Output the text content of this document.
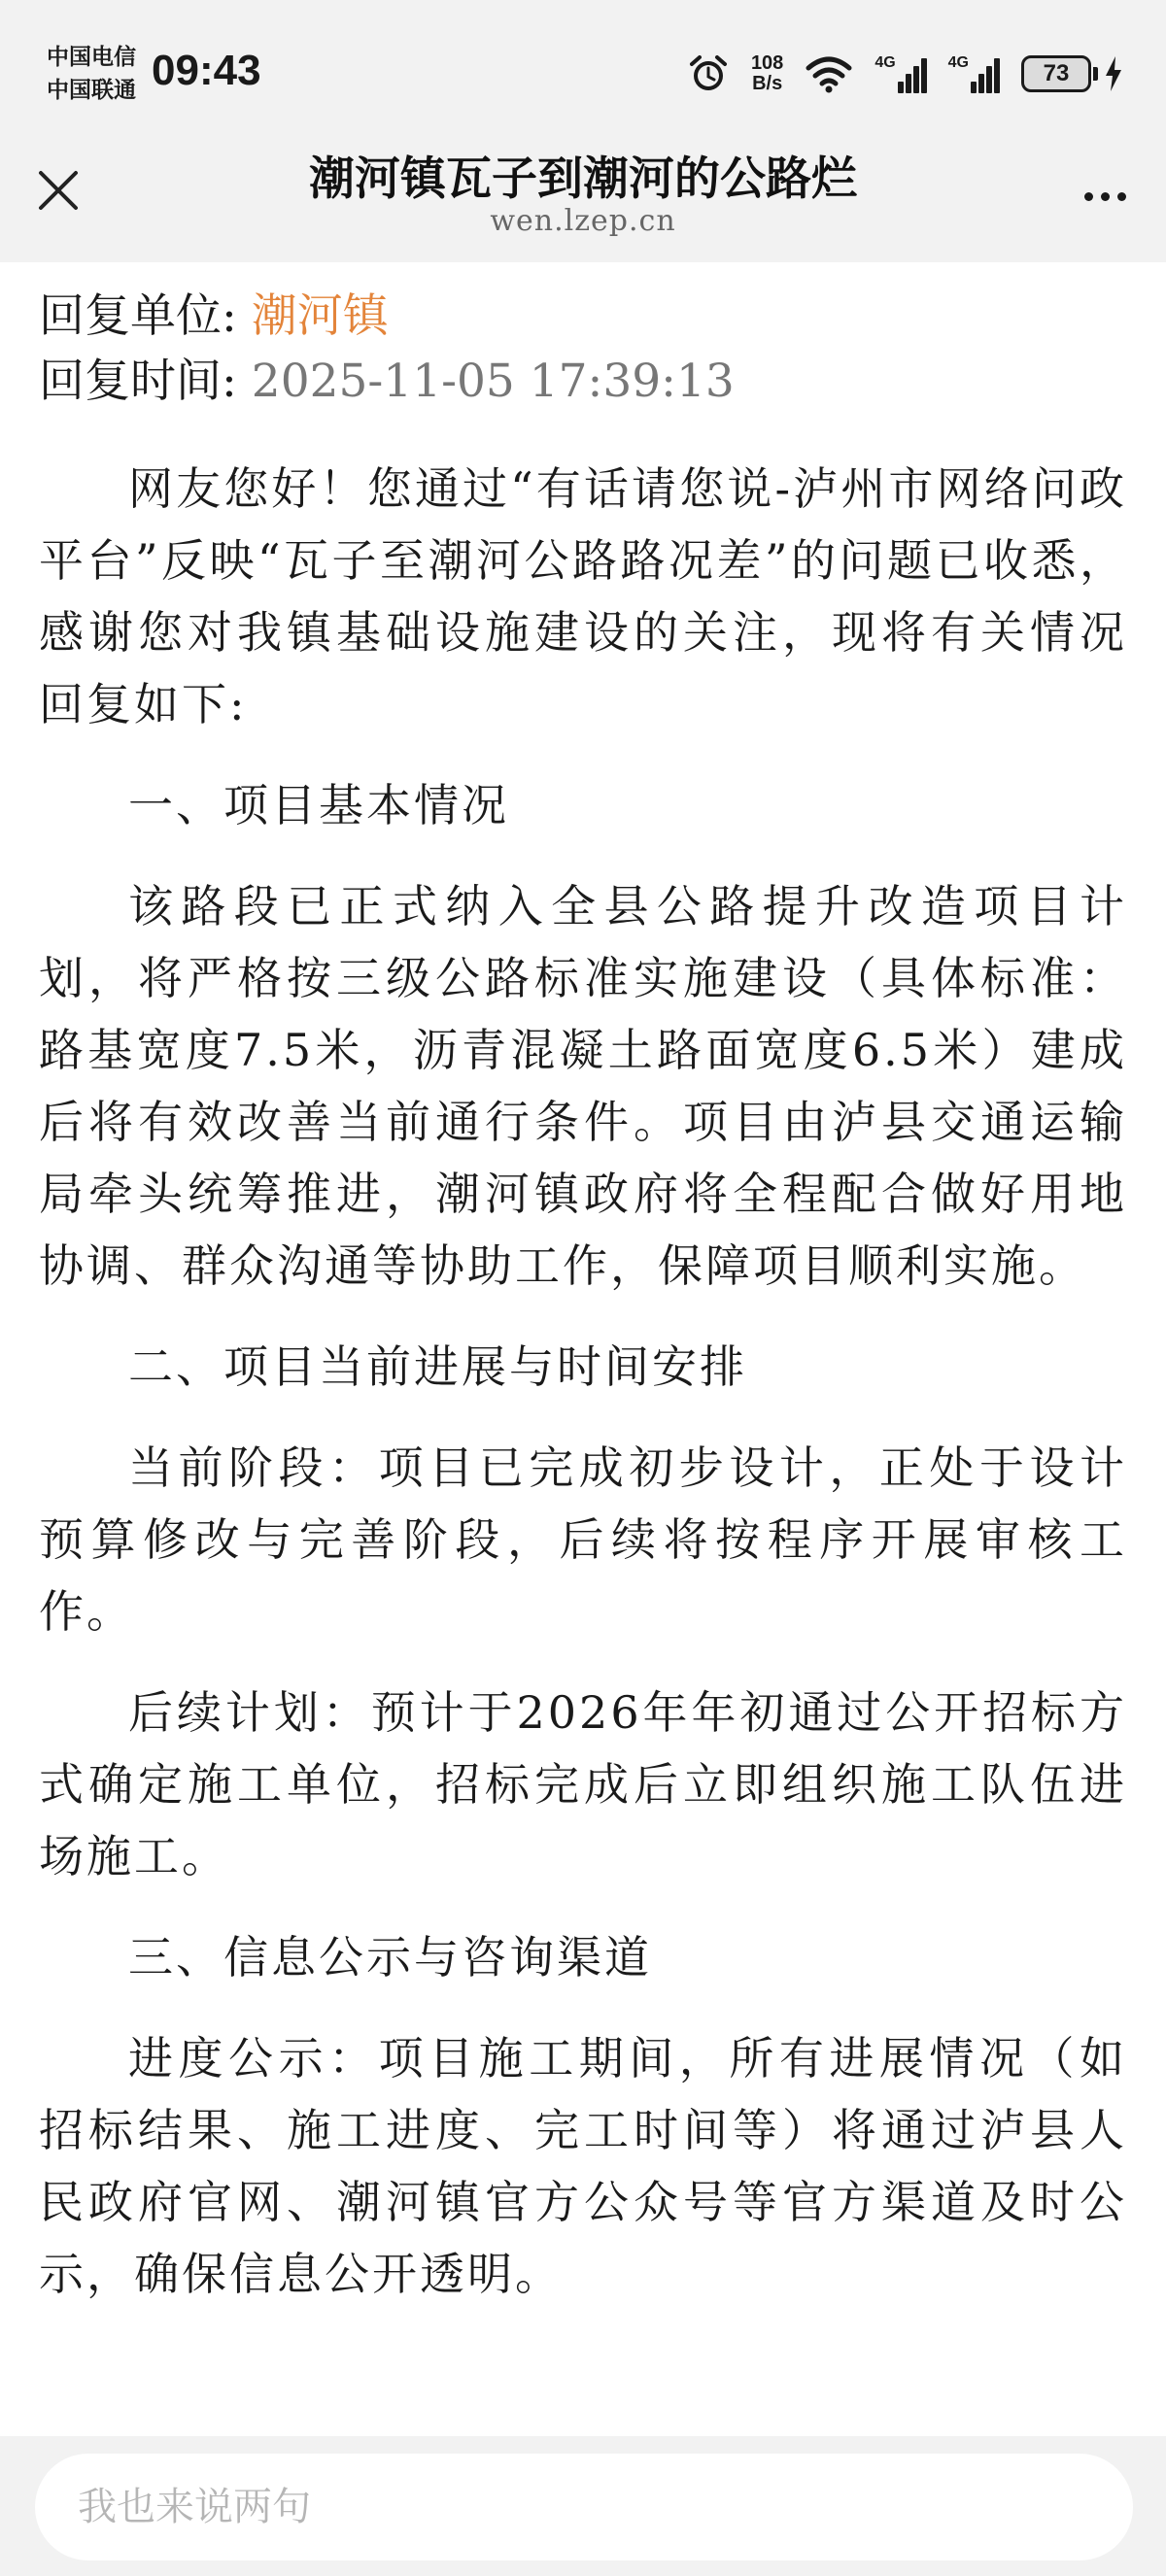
中国电信
中国联通 09:43	108
B/s
4G	4G	73
潮河镇瓦子到潮河的公路烂
wen.lzep.cn
回复单位: 潮河镇
回复时间: 2025-11-05 17:39:13

网友您好！您通过“有话请您说-泸州市网络问政平台”反映“瓦子至潮河公路路况差”的问题已收悉，感谢您对我镇基础设施建设的关注，现将有关情况回复如下:

一、项目基本情况

该路段已正式纳入全县公路提升改造项目计划，将严格按三级公路标准实施建设（具体标准：路基宽度7.5米，沥青混凝土路面宽度6.5米）建成后将有效改善当前通行条件。项目由泸县交通运输局牵头统筹推进，潮河镇政府将全程配合做好用地协调、群众沟通等协助工作，保障项目顺利实施。

二、项目当前进展与时间安排

当前阶段：项目已完成初步设计，正处于设计预算修改与完善阶段，后续将按程序开展审核工作。

后续计划：预计于2026年年初通过公开招标方式确定施工单位，招标完成后立即组织施工队伍进场施工。

三、信息公示与咨询渠道

进度公示：项目施工期间，所有进展情况（如招标结果、施工进度、完工时间等）将通过泸县人民政府官网、潮河镇官方公众号等官方渠道及时公示，确保信息公开透明。

我也来说两句
